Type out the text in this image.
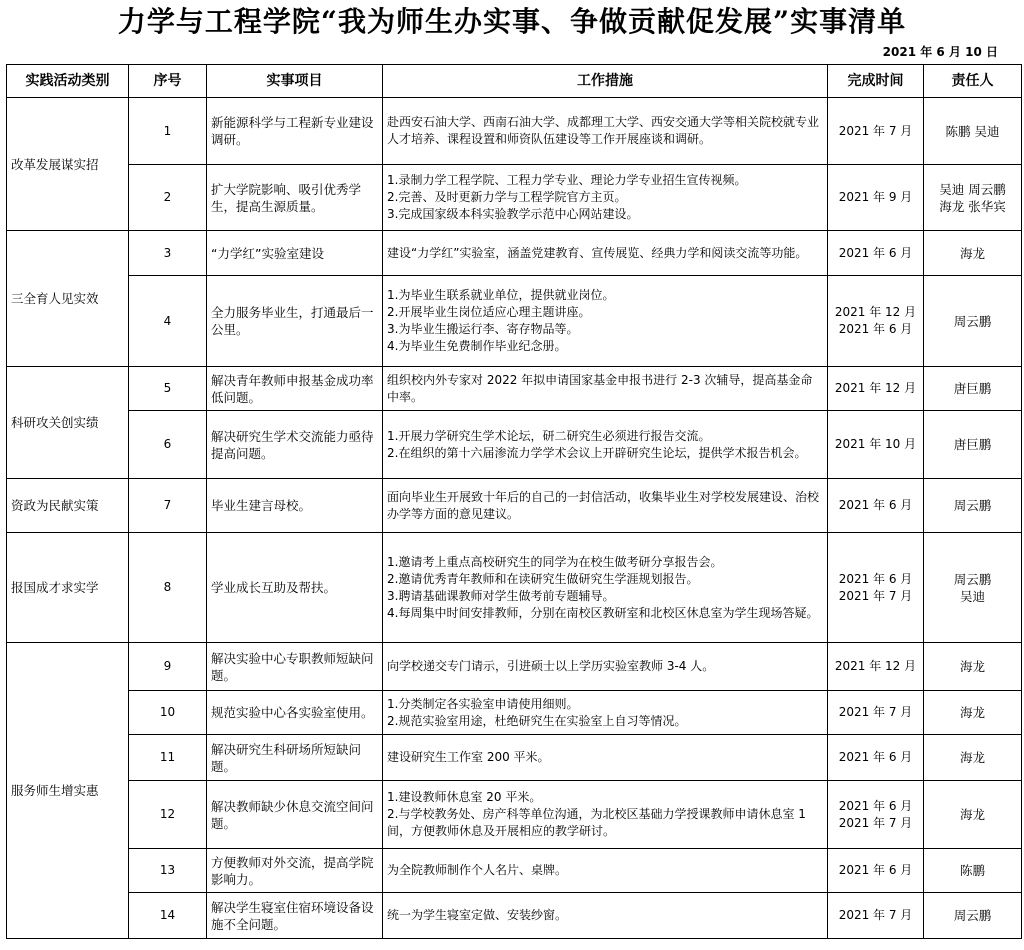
力学与工程学院“我为师生办实事、争做贡献促发展”实事清单
2021 年 6 月 10 日
实践活动类别	序号	实事项目	工作措施	完成时间	责任人
改革发展谋实招	1	新能源科学与工程新专业建设调研。	赴西安石油大学、西南石油大学、成都理工大学、西安交通大学等相关院校就专业人才培养、课程设置和师资队伍建设等工作开展座谈和调研。	2021 年 7 月	陈鹏 吴迪

	2	扩大学院影响、吸引优秀学生，提高生源质量。	1.录制力学工程学院、工程力学专业、理论力学专业招生宣传视频。
2.完善、及时更新力学与工程学院官方主页。
3.完成国家级本科实验教学示范中心网站建设。	2021 年 9 月	吴迪 周云鹏
海龙 张华宾

三全育人见实效	3	“力学红”实验室建设	建设“力学红”实验室，涵盖党建教育、宣传展览、经典力学和阅读交流等功能。	2021 年 6 月	海龙

	4	全力服务毕业生，打通最后一公里。	1.为毕业生联系就业单位，提供就业岗位。
2.开展毕业生岗位适应心理主题讲座。
3.为毕业生搬运行李、寄存物品等。
4.为毕业生免费制作毕业纪念册。	2021 年 12 月
2021 年 6 月	周云鹏

科研攻关创实绩	5	解决青年教师申报基金成功率低问题。	组织校内外专家对 2022 年拟申请国家基金申报书进行 2-3 次辅导，提高基金命中率。	2021 年 12 月	唐巨鹏

	6	解决研究生学术交流能力亟待提高问题。	1.开展力学研究生学术论坛，研二研究生必须进行报告交流。
2.在组织的第十六届渗流力学学术会议上开辟研究生论坛，提供学术报告机会。	2021 年 10 月	唐巨鹏

资政为民献实策	7	毕业生建言母校。	面向毕业生开展致十年后的自己的一封信活动，收集毕业生对学校发展建设、治校办学等方面的意见建议。	2021 年 6 月	周云鹏

报国成才求实学	8	学业成长互助及帮扶。	1.邀请考上重点高校研究生的同学为在校生做考研分享报告会。
2.邀请优秀青年教师和在读研究生做研究生学涯规划报告。
3.聘请基础课教师对学生做考前专题辅导。
4.每周集中时间安排教师，分别在南校区教研室和北校区休息室为学生现场答疑。	2021 年 6 月
2021 年 7 月	周云鹏
吴迪

服务师生增实惠	9	解决实验中心专职教师短缺问题。	向学校递交专门请示，引进硕士以上学历实验室教师 3-4 人。	2021 年 12 月	海龙

	10	规范实验中心各实验室使用。	1.分类制定各实验室申请使用细则。
2.规范实验室用途，杜绝研究生在实验室上自习等情况。	2021 年 7 月	海龙

	11	解决研究生科研场所短缺问题。	建设研究生工作室 200 平米。	2021 年 6 月	海龙

	12	解决教师缺少休息交流空间问题。	1.建设教师休息室 20 平米。
2.与学校教务处、房产科等单位沟通，为北校区基础力学授课教师申请休息室 1 间，方便教师休息及开展相应的教学研讨。	2021 年 6 月
2021 年 7 月	海龙

	13	方便教师对外交流，提高学院影响力。	为全院教师制作个人名片、桌牌。	2021 年 6 月	陈鹏

	14	解决学生寝室住宿环境设备设施不全问题。	统一为学生寝室定做、安装纱窗。	2021 年 7 月	周云鹏
